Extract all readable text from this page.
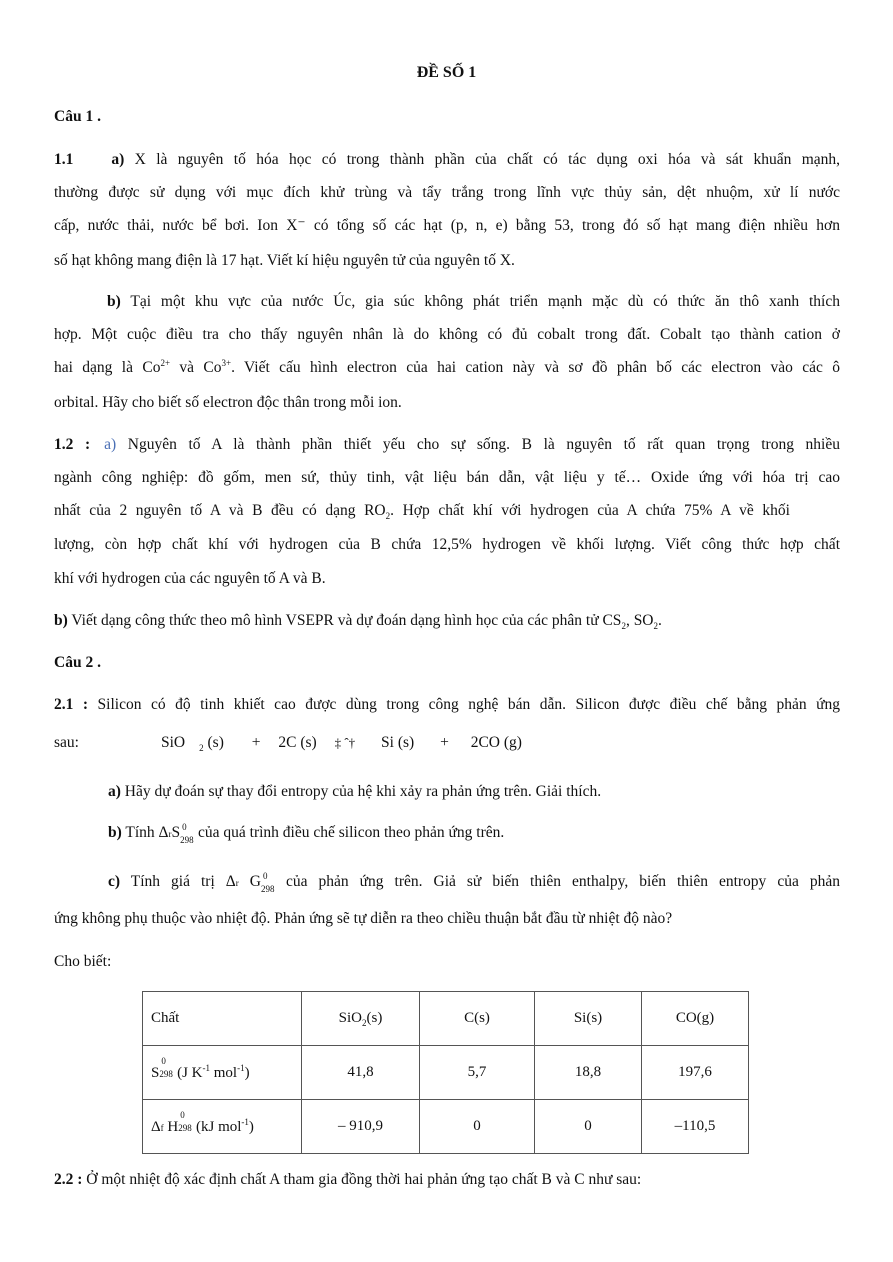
ĐỀ SỐ 1
Câu 1 .
1.1 a) X là nguyên tố hóa học có trong thành phần của chất có tác dụng oxi hóa và sát khuẩn mạnh,
thường được sử dụng với mục đích khử trùng và tẩy trắng trong lĩnh vực thủy sản, dệt nhuộm, xử lí nước
cấp, nước thải, nước bể bơi. Ion X⁻ có tổng số các hạt (p, n, e) bằng 53, trong đó số hạt mang điện nhiều hơn
số hạt không mang điện là 17 hạt. Viết kí hiệu nguyên tử của nguyên tố X.
b) Tại một khu vực của nước Úc, gia súc không phát triển mạnh mặc dù có thức ăn thô xanh thích
hợp. Một cuộc điều tra cho thấy nguyên nhân là do không có đủ cobalt trong đất. Cobalt tạo thành cation ở
hai dạng là $Co^{2+}$ và $Co^{3+}$. Viết cấu hình electron của hai cation này và sơ đồ phân bố các electron vào các ô
orbital. Hãy cho biết số electron độc thân trong mỗi ion.
1.2 : a) Nguyên tố A là thành phần thiết yếu cho sự sống. B là nguyên tố rất quan trọng trong nhiều
ngành công nghiệp: đồ gốm, men sứ, thủy tinh, vật liệu bán dẫn, vật liệu y tế… Oxide ứng với hóa trị cao
nhất của 2 nguyên tố A và B đều có dạng $RO_2$. Hợp chất khí với hydrogen của A chứa 75% A về khối
lượng, còn hợp chất khí với hydrogen của B chứa 12,5% hydrogen về khối lượng. Viết công thức hợp chất
khí với hydrogen của các nguyên tố A và B.
b) Viết dạng công thức theo mô hình VSEPR và dự đoán dạng hình học của các phân tử $CS_2$, $SO_2$.
Câu 2 .
2.1 : Silicon có độ tinh khiết cao được dùng trong công nghệ bán dẫn. Silicon được điều chế bằng phản ứng
sau:	SiO $_2$ (s) + 2C (s) ‡ ˆ† Si (s) + 2CO (g)
a) Hãy dự đoán sự thay đổi entropy của hệ khi xảy ra phản ứng trên. Giải thích.
b) Tính ΔrS 0
298 của quá trình điều chế silicon theo phản ứng trên.
c) Tính giá trị Δr G 0
298 của phản ứng trên. Giả sử biến thiên enthalpy, biến thiên entropy của phản
ứng không phụ thuộc vào nhiệt độ. Phản ứng sẽ tự diễn ra theo chiều thuận bắt đầu từ nhiệt độ nào?
Cho biết:
Chất	SiO$_2$(s)	C(s)	Si(s)	CO(g)
S
0
298 (J $K^{-1}$ mol$^{-1}$)	41,8	5,7	18,8	197,6
Δf H
0
298 (kJ mol$^{-1}$)	– 910,9	0	0	–110,5
2.2 : Ở một nhiệt độ xác định chất A tham gia đồng thời hai phản ứng tạo chất B và C như sau:
